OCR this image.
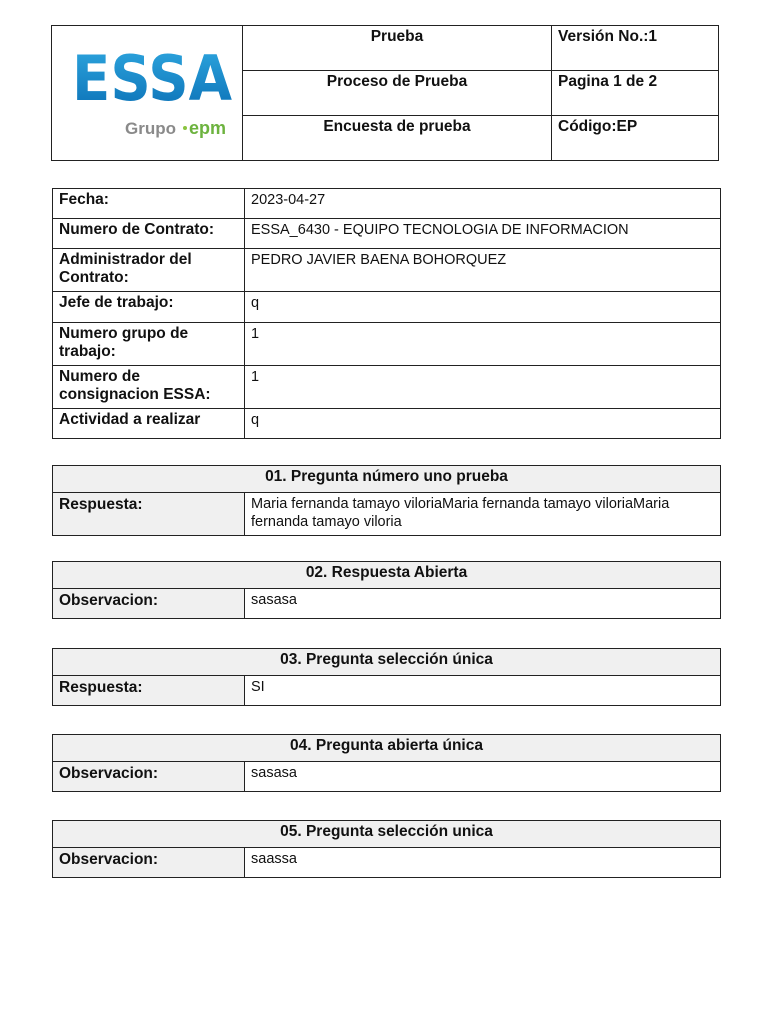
ESSA
Grupo epm	Prueba	Versión No.:1
	Proceso de Prueba	Pagina 1 de 2
	Encuesta de prueba	Código:EP
Fecha:	2023-04-27
Numero de Contrato:	ESSA_6430 - EQUIPO TECNOLOGIA DE INFORMACION
Administrador del Contrato:	PEDRO JAVIER BAENA BOHORQUEZ
Jefe de trabajo:	q
Numero grupo de trabajo:	1
Numero de consignacion ESSA:	1
Actividad a realizar	q
01. Pregunta número uno prueba
Respuesta:	Maria fernanda tamayo viloriaMaria fernanda tamayo viloriaMaria fernanda tamayo viloria
02. Respuesta Abierta
Observacion:	sasasa
03. Pregunta selección única
Respuesta:	SI
04. Pregunta abierta única
Observacion:	sasasa
05. Pregunta selección unica
Observacion:	saassa
